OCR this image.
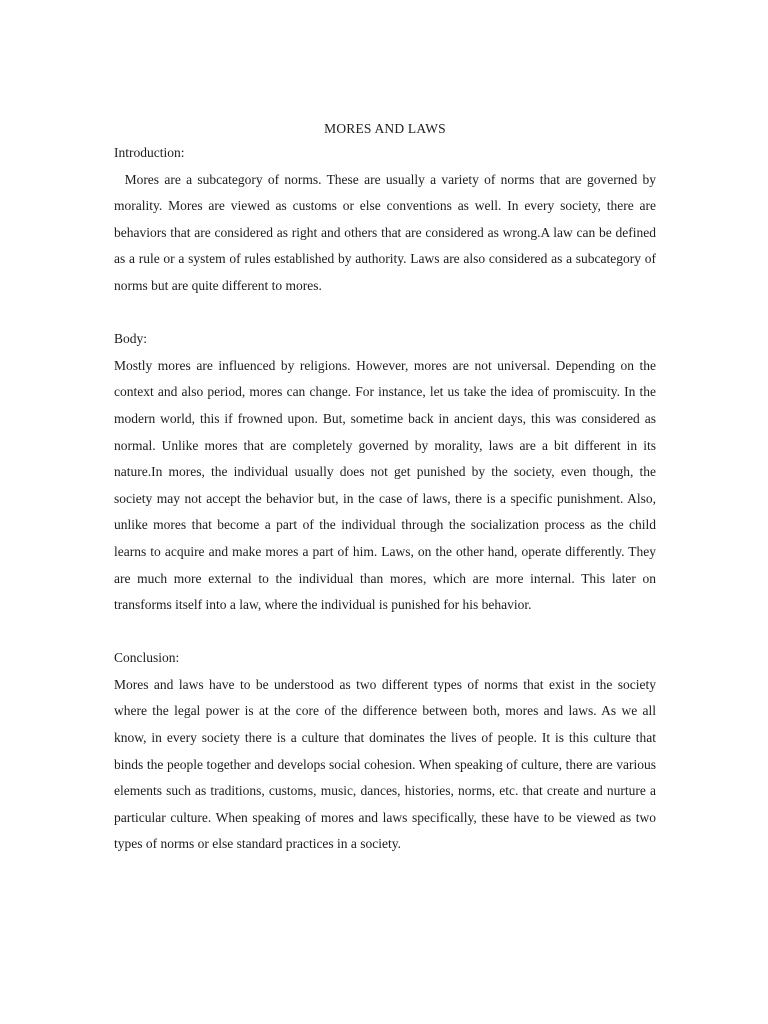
MORES AND LAWS

Introduction:

Mores are a subcategory of norms. These are usually a variety of norms that are governed by morality. Mores are viewed as customs or else conventions as well. In every society, there are behaviors that are considered as right and others that are considered as wrong.A law can be defined as a rule or a system of rules established by authority. Laws are also considered as a subcategory of norms but are quite different to mores.

Body:

Mostly mores are influenced by religions. However, mores are not universal. Depending on the context and also period, mores can change. For instance, let us take the idea of promiscuity. In the modern world, this if frowned upon. But, sometime back in ancient days, this was considered as normal. Unlike mores that are completely governed by morality, laws are a bit different in its nature.In mores, the individual usually does not get punished by the society, even though, the society may not accept the behavior but, in the case of laws, there is a specific punishment. Also, unlike mores that become a part of the individual through the socialization process as the child learns to acquire and make mores a part of him. Laws, on the other hand, operate differently. They are much more external to the individual than mores, which are more internal. This later on transforms itself into a law, where the individual is punished for his behavior.

Conclusion:

Mores and laws have to be understood as two different types of norms that exist in the society where the legal power is at the core of the difference between both, mores and laws. As we all know, in every society there is a culture that dominates the lives of people. It is this culture that binds the people together and develops social cohesion. When speaking of culture, there are various elements such as traditions, customs, music, dances, histories, norms, etc. that create and nurture a particular culture. When speaking of mores and laws specifically, these have to be viewed as two types of norms or else standard practices in a society.
